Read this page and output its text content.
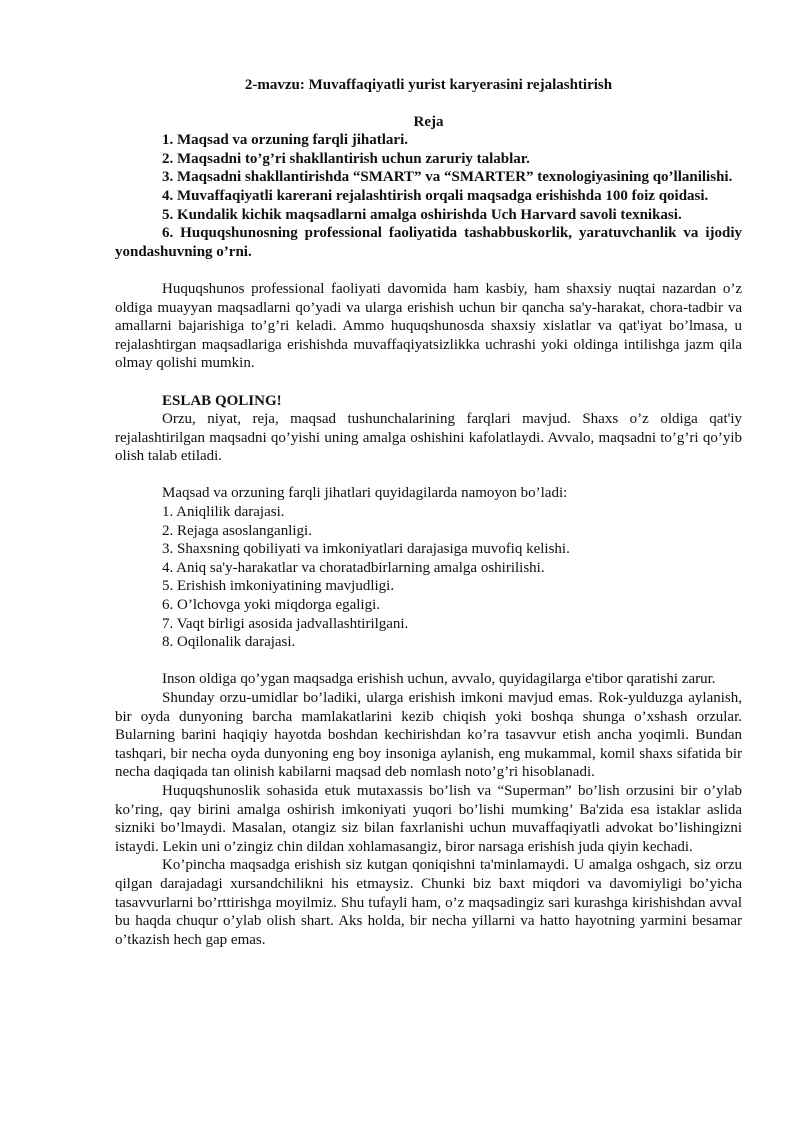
2-mavzu: Muvaffaqiyatli yurist karyerasini rejalashtirish

Reja

1. Maqsad va orzuning farqli jihatlari.

2. Maqsadni to’g’ri shakllantirish uchun zaruriy talablar.

3. Maqsadni shakllantirishda “SMART” va “SMARTER” texnologiyasining qo’llanilishi.

4. Muvaffaqiyatli karerani rejalashtirish orqali maqsadga erishishda 100 foiz qoidasi.

5. Kundalik kichik maqsadlarni amalga oshirishda Uch Harvard savoli texnikasi.

6. Huquqshunosning professional faoliyatida tashabbuskorlik, yaratuvchanlik va ijodiy yondashuvning o’rni.

Huquqshunos professional faoliyati davomida ham kasbiy, ham shaxsiy nuqtai nazardan o’z oldiga muayyan maqsadlarni qo’yadi va ularga erishish uchun bir qancha sa'y-harakat, chora-tadbir va amallarni bajarishiga to’g’ri keladi. Ammo huquqshunosda shaxsiy xislatlar va qat'iyat bo’lmasa, u rejalashtirgan maqsadlariga erishishda muvaffaqiyatsizlikka uchrashi yoki oldinga intilishga jazm qila olmay qolishi mumkin.

ESLAB QOLING!

Orzu, niyat, reja, maqsad tushunchalarining farqlari mavjud. Shaxs o’z oldiga qat'iy rejalashtirilgan maqsadni qo’yishi uning amalga oshishini kafolatlaydi. Avvalo, maqsadni to’g’ri qo’yib olish talab etiladi.

Maqsad va orzuning farqli jihatlari quyidagilarda namoyon bo’ladi:

1. Aniqlilik darajasi.

2. Rejaga asoslanganligi.

3. Shaxsning qobiliyati va imkoniyatlari darajasiga muvofiq kelishi.

4. Aniq sa'y-harakatlar va choratadbirlarning amalga oshirilishi.

5. Erishish imkoniyatining mavjudligi.

6. O’lchovga yoki miqdorga egaligi.

7. Vaqt birligi asosida jadvallashtirilgani.

8. Oqilonalik darajasi.

Inson oldiga qo’ygan maqsadga erishish uchun, avvalo, quyidagilarga e'tibor qaratishi zarur.

Shunday orzu-umidlar bo’ladiki, ularga erishish imkoni mavjud emas. Rok-yulduzga aylanish, bir oyda dunyoning barcha mamlakatlarini kezib chiqish yoki boshqa shunga o’xshash orzular. Bularning barini haqiqiy hayotda boshdan kechirishdan ko’ra tasavvur etish ancha yoqimli. Bundan tashqari, bir necha oyda dunyoning eng boy insoniga aylanish, eng mukammal, komil shaxs sifatida bir necha daqiqada tan olinish kabilarni maqsad deb nomlash noto’g’ri hisoblanadi.

Huquqshunoslik sohasida etuk mutaxassis bo’lish va “Superman” bo’lish orzusini bir o’ylab ko’ring, qay birini amalga oshirish imkoniyati yuqori bo’lishi mumking’ Ba'zida esa istaklar aslida sizniki bo’lmaydi. Masalan, otangiz siz bilan faxrlanishi uchun muvaffaqiyatli advokat bo’lishingizni istaydi. Lekin uni o’zingiz chin dildan xohlamasangiz, biror narsaga erishish juda qiyin kechadi.

Ko’pincha maqsadga erishish siz kutgan qoniqishni ta'minlamaydi. U amalga oshgach, siz orzu qilgan darajadagi xursandchilikni his etmaysiz. Chunki biz baxt miqdori va davomiyligi bo’yicha tasavvurlarni bo’rttirishga moyilmiz. Shu tufayli ham, o’z maqsadingiz sari kurashga kirishishdan avval bu haqda chuqur o’ylab olish shart. Aks holda, bir necha yillarni va hatto hayotning yarmini besamar o’tkazish hech gap emas.
